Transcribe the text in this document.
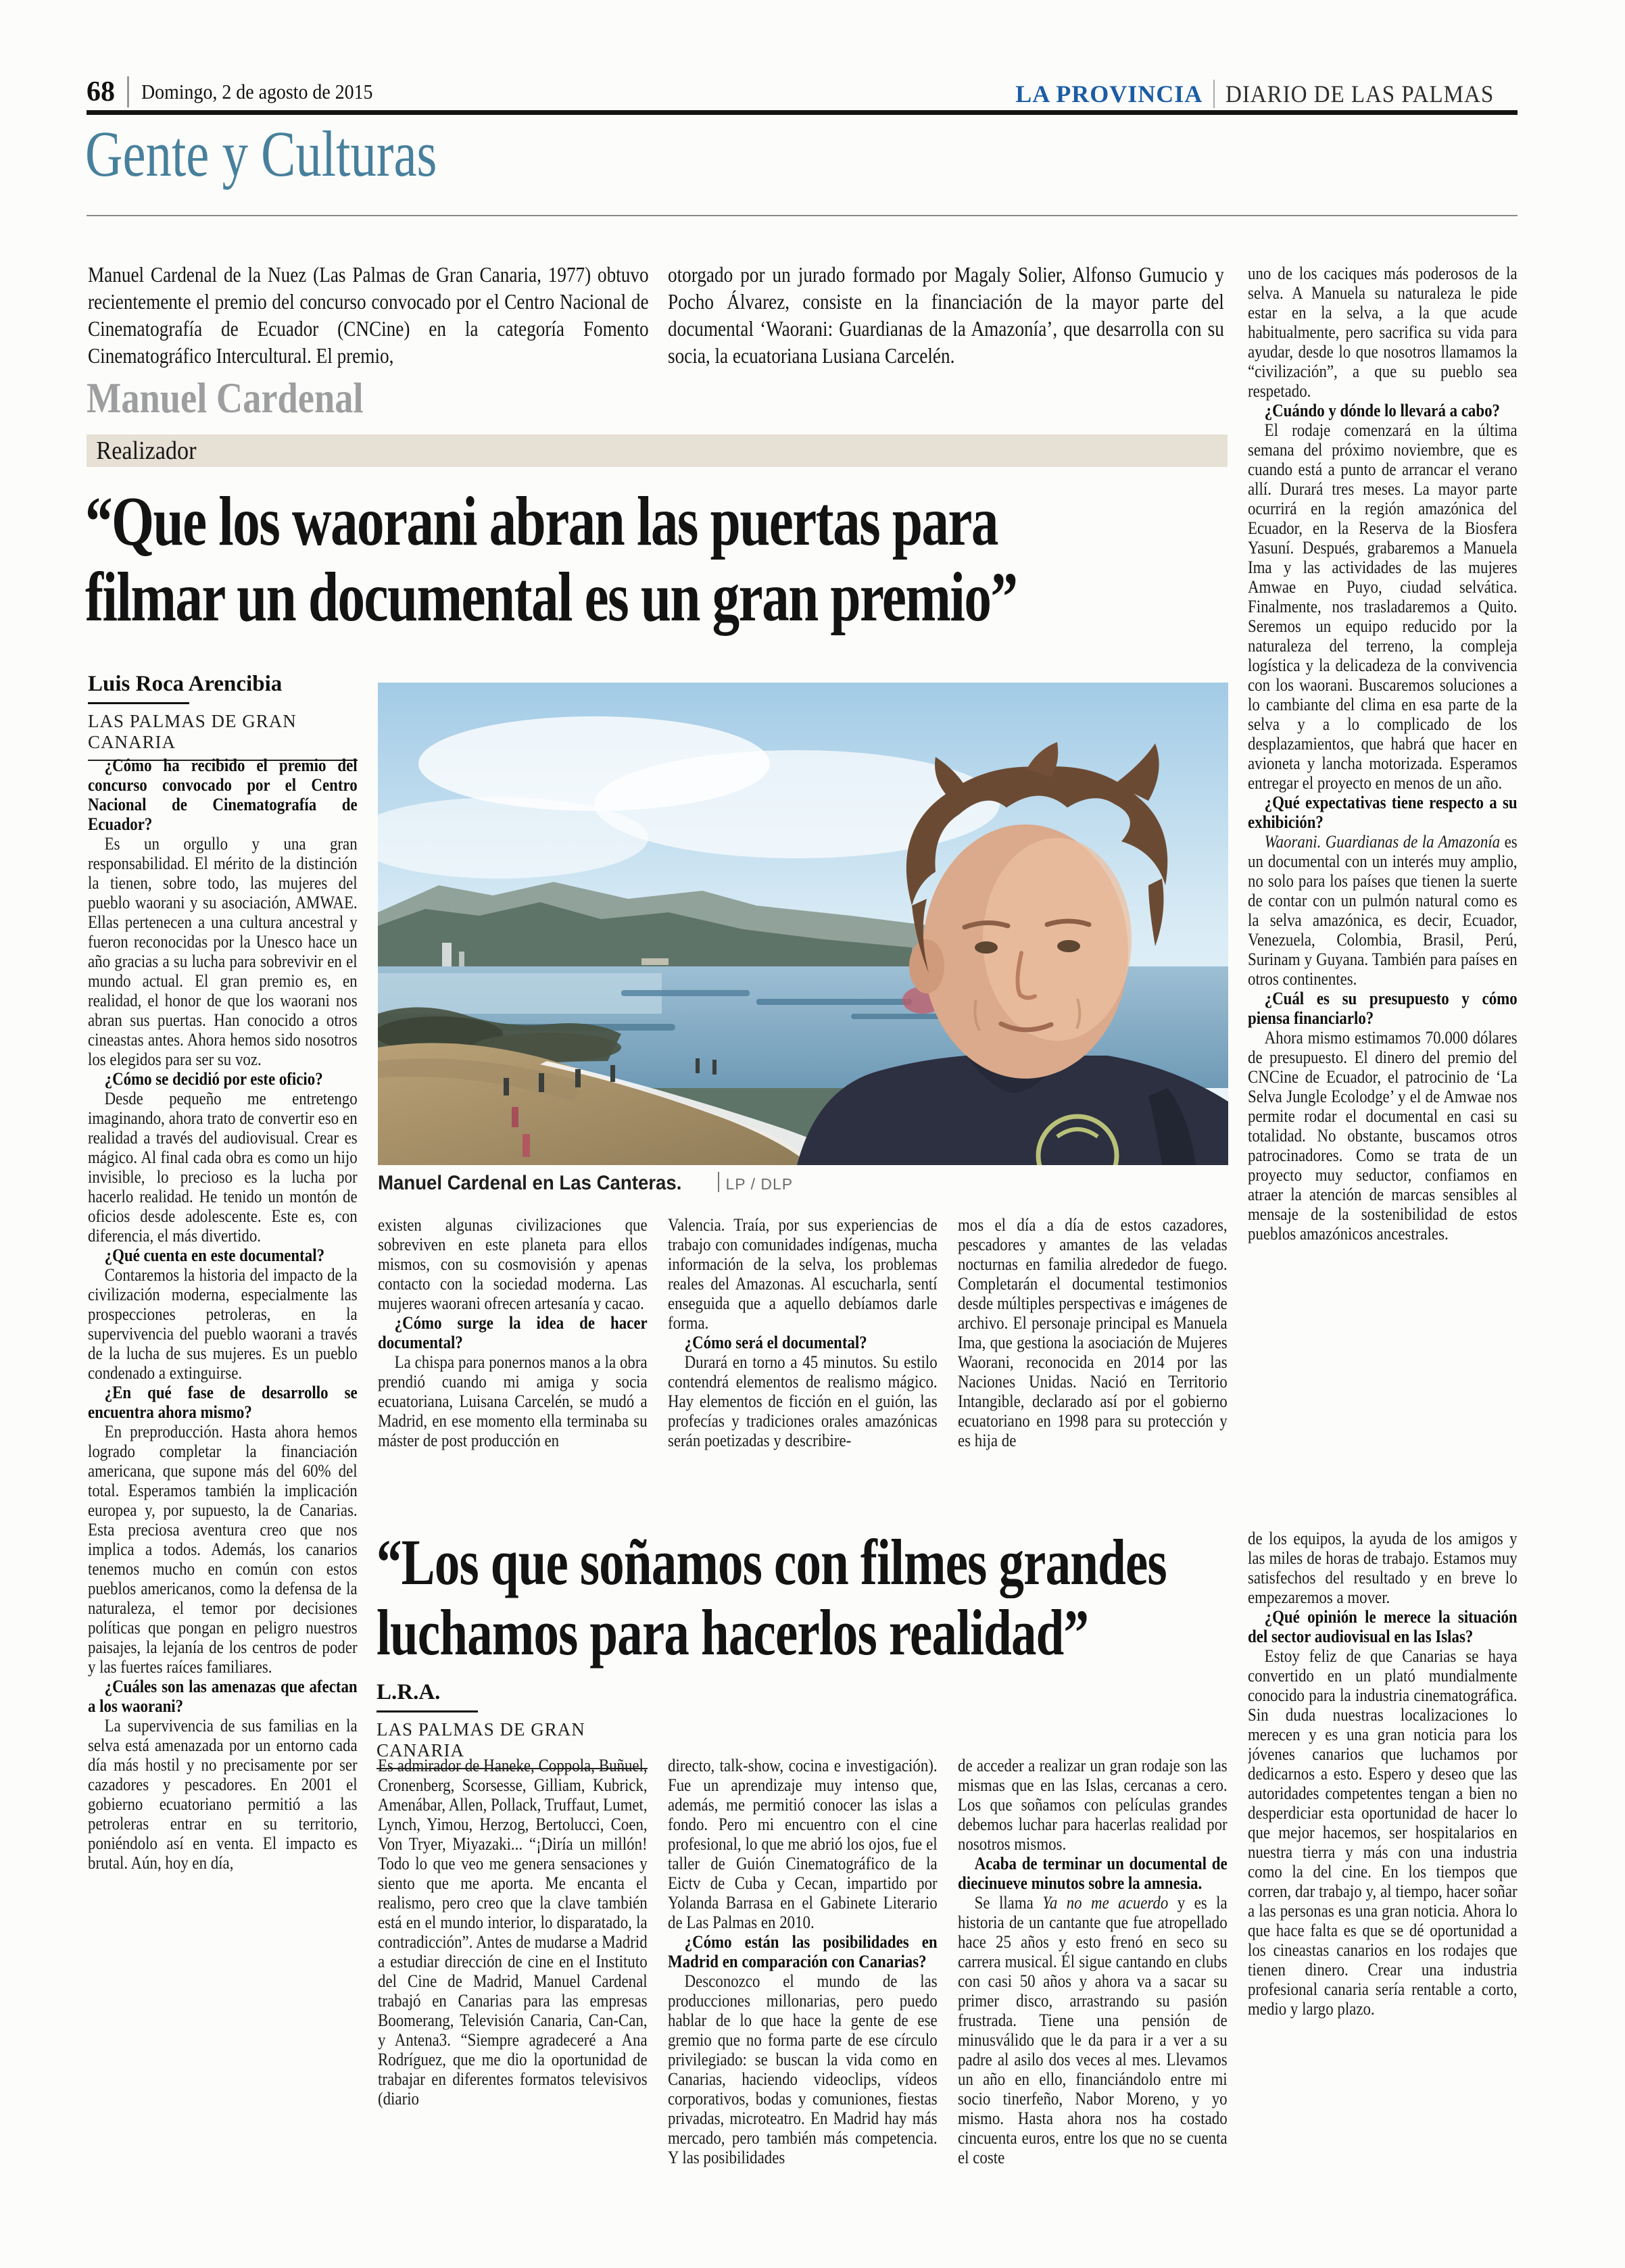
68 Domingo, 2 de agosto de 2015	LA PROVINCIA DIARIO DE LAS PALMAS
Gente y Culturas
Manuel Cardenal de la Nuez (Las Palmas de Gran Canaria, 1977) obtuvo recientemente el premio del concurso convocado por el Centro Nacional de Cinematografía de Ecuador (CNCine) en la categoría Fomento Cinematográfico Intercultural. El premio,
otorgado por un jurado formado por Magaly Solier, Alfonso Gumucio y Pocho Álvarez, consiste en la financiación de la mayor parte del documental ‘Waorani: Guardianas de la Amazonía’, que desarrolla con su socia, la ecuatoriana Lusiana Carcelén.
Manuel Cardenal
Realizador
“Que los waorani abran las puertas para
filmar un documental es un gran premio”
Luis Roca Arencibia
LAS PALMAS DE GRAN CANARIA
Manuel Cardenal en Las Canteras.	LP / DLP

¿Cómo ha recibido el premio del concurso convocado por el Centro Nacional de Cinematografía de Ecuador?

Es un orgullo y una gran responsabilidad. El mérito de la distinción la tienen, sobre todo, las mujeres del pueblo waorani y su asociación, AMWAE. Ellas pertenecen a una cultura ancestral y fueron reconocidas por la Unesco hace un año gracias a su lucha para sobrevivir en el mundo actual. El gran premio es, en realidad, el honor de que los waorani nos abran sus puertas. Han conocido a otros cineastas antes. Ahora hemos sido nosotros los elegidos para ser su voz.

¿Cómo se decidió por este oficio?

Desde pequeño me entretengo imaginando, ahora trato de convertir eso en realidad a través del audiovisual. Crear es mágico. Al final cada obra es como un hijo invisible, lo precioso es la lucha por hacerlo realidad. He tenido un montón de oficios desde adolescente. Este es, con diferencia, el más divertido.

¿Qué cuenta en este documental?

Contaremos la historia del impacto de la civilización moderna, especialmente las prospecciones petroleras, en la supervivencia del pueblo waorani a través de la lucha de sus mujeres. Es un pueblo condenado a extinguirse.

¿En qué fase de desarrollo se encuentra ahora mismo?

En preproducción. Hasta ahora hemos logrado completar la financiación americana, que supone más del 60% del total. Esperamos también la implicación europea y, por supuesto, la de Canarias. Esta preciosa aventura creo que nos implica a todos. Además, los canarios tenemos mucho en común con estos pueblos americanos, como la defensa de la naturaleza, el temor por decisiones políticas que pongan en peligro nuestros paisajes, la lejanía de los centros de poder y las fuertes raíces familiares.

¿Cuáles son las amenazas que afectan a los waorani?

La supervivencia de sus familias en la selva está amenazada por un entorno cada día más hostil y no precisamente por ser cazadores y pescadores. En 2001 el gobierno ecuatoriano permitió a las petroleras entrar en su territorio, poniéndolo así en venta. El impacto es brutal. Aún, hoy en día,

existen algunas civilizaciones que sobreviven en este planeta para ellos mismos, con su cosmovisión y apenas contacto con la sociedad moderna. Las mujeres waorani ofrecen artesanía y cacao.

¿Cómo surge la idea de hacer documental?

La chispa para ponernos manos a la obra prendió cuando mi amiga y socia ecuatoriana, Luisana Carcelén, se mudó a Madrid, en ese momento ella terminaba su máster de post producción en

Valencia. Traía, por sus experiencias de trabajo con comunidades indígenas, mucha información de la selva, los problemas reales del Amazonas. Al escucharla, sentí enseguida que a aquello debíamos darle forma.

¿Cómo será el documental?

Durará en torno a 45 minutos. Su estilo contendrá elementos de realismo mágico. Hay elementos de ficción en el guión, las profecías y tradiciones orales amazónicas serán poetizadas y describire-

mos el día a día de estos cazadores, pescadores y amantes de las veladas nocturnas en familia alrededor de fuego. Completarán el documental testimonios desde múltiples perspectivas e imágenes de archivo. El personaje principal es Manuela Ima, que gestiona la asociación de Mujeres Waorani, reconocida en 2014 por las Naciones Unidas. Nació en Territorio Intangible, declarado así por el gobierno ecuatoriano en 1998 para su protección y es hija de

uno de los caciques más poderosos de la selva. A Manuela su naturaleza le pide estar en la selva, a la que acude habitualmente, pero sacrifica su vida para ayudar, desde lo que nosotros llamamos la “civilización”, a que su pueblo sea respetado.

¿Cuándo y dónde lo llevará a cabo?

El rodaje comenzará en la última semana del próximo noviembre, que es cuando está a punto de arrancar el verano allí. Durará tres meses. La mayor parte ocurrirá en la región amazónica del Ecuador, en la Reserva de la Biosfera Yasuní. Después, grabaremos a Manuela Ima y las actividades de las mujeres Amwae en Puyo, ciudad selvática. Finalmente, nos trasladaremos a Quito. Seremos un equipo reducido por la naturaleza del terreno, la compleja logística y la delicadeza de la convivencia con los waorani. Buscaremos soluciones a lo cambiante del clima en esa parte de la selva y a lo complicado de los desplazamientos, que habrá que hacer en avioneta y lancha motorizada. Esperamos entregar el proyecto en menos de un año.

¿Qué expectativas tiene respecto a su exhibición?

Waorani. Guardianas de la Amazonía es un documental con un interés muy amplio, no solo para los países que tienen la suerte de contar con un pulmón natural como es la selva amazónica, es decir, Ecuador, Venezuela, Colombia, Brasil, Perú, Surinam y Guyana. También para países en otros continentes.

¿Cuál es su presupuesto y cómo piensa financiarlo?

Ahora mismo estimamos 70.000 dólares de presupuesto. El dinero del premio del CNCine de Ecuador, el patrocinio de ‘La Selva Jungle Ecolodge’ y el de Amwae nos permite rodar el documental en casi su totalidad. No obstante, buscamos otros patrocinadores. Como se trata de un proyecto muy seductor, confiamos en atraer la atención de marcas sensibles al mensaje de la sostenibilidad de estos pueblos amazónicos ancestrales.

“Los que soñamos con filmes grandes
luchamos para hacerlos realidad”
L.R.A.
LAS PALMAS DE GRAN CANARIA

Es admirador de Haneke, Coppola, Buñuel, Cronenberg, Scorsesse, Gilliam, Kubrick, Amenábar, Allen, Pollack, Truffaut, Lumet, Lynch, Yimou, Herzog, Bertolucci, Coen, Von Tryer, Miyazaki... “¡Diría un millón! Todo lo que veo me genera sensaciones y siento que me aporta. Me encanta el realismo, pero creo que la clave también está en el mundo interior, lo disparatado, la contradicción”. Antes de mudarse a Madrid a estudiar dirección de cine en el Instituto del Cine de Madrid, Manuel Cardenal trabajó en Canarias para las empresas Boomerang, Televisión Canaria, Can-Can, y Antena3. “Siempre agradeceré a Ana Rodríguez, que me dio la oportunidad de trabajar en diferentes formatos televisivos (diario

directo, talk-show, cocina e investigación). Fue un aprendizaje muy intenso que, además, me permitió conocer las islas a fondo. Pero mi encuentro con el cine profesional, lo que me abrió los ojos, fue el taller de Guión Cinematográfico de la Eictv de Cuba y Cecan, impartido por Yolanda Barrasa en el Gabinete Literario de Las Palmas en 2010.

¿Cómo están las posibilidades en Madrid en comparación con Canarias?

Desconozco el mundo de las producciones millonarias, pero puedo hablar de lo que hace la gente de ese gremio que no forma parte de ese círculo privilegiado: se buscan la vida como en Canarias, haciendo videoclips, vídeos corporativos, bodas y comuniones, fiestas privadas, microteatro. En Madrid hay más mercado, pero también más competencia. Y las posibilidades

de acceder a realizar un gran rodaje son las mismas que en las Islas, cercanas a cero. Los que soñamos con películas grandes debemos luchar para hacerlas realidad por nosotros mismos.

Acaba de terminar un documental de diecinueve minutos sobre la amnesia.

Se llama Ya no me acuerdo y es la historia de un cantante que fue atropellado hace 25 años y esto frenó en seco su carrera musical. Él sigue cantando en clubs con casi 50 años y ahora va a sacar su primer disco, arrastrando su pasión frustrada. Tiene una pensión de minusválido que le da para ir a ver a su padre al asilo dos veces al mes. Llevamos un año en ello, financiándolo entre mi socio tinerfeño, Nabor Moreno, y yo mismo. Hasta ahora nos ha costado cincuenta euros, entre los que no se cuenta el coste

de los equipos, la ayuda de los amigos y las miles de horas de trabajo. Estamos muy satisfechos del resultado y en breve lo empezaremos a mover.

¿Qué opinión le merece la situación del sector audiovisual en las Islas?

Estoy feliz de que Canarias se haya convertido en un plató mundialmente conocido para la industria cinematográfica. Sin duda nuestras localizaciones lo merecen y es una gran noticia para los jóvenes canarios que luchamos por dedicarnos a esto. Espero y deseo que las autoridades competentes tengan a bien no desperdiciar esta oportunidad de hacer lo que mejor hacemos, ser hospitalarios en nuestra tierra y más con una industria como la del cine. En los tiempos que corren, dar trabajo y, al tiempo, hacer soñar a las personas es una gran noticia. Ahora lo que hace falta es que se dé oportunidad a los cineastas canarios en los rodajes que tienen dinero. Crear una industria profesional canaria sería rentable a corto, medio y largo plazo.
